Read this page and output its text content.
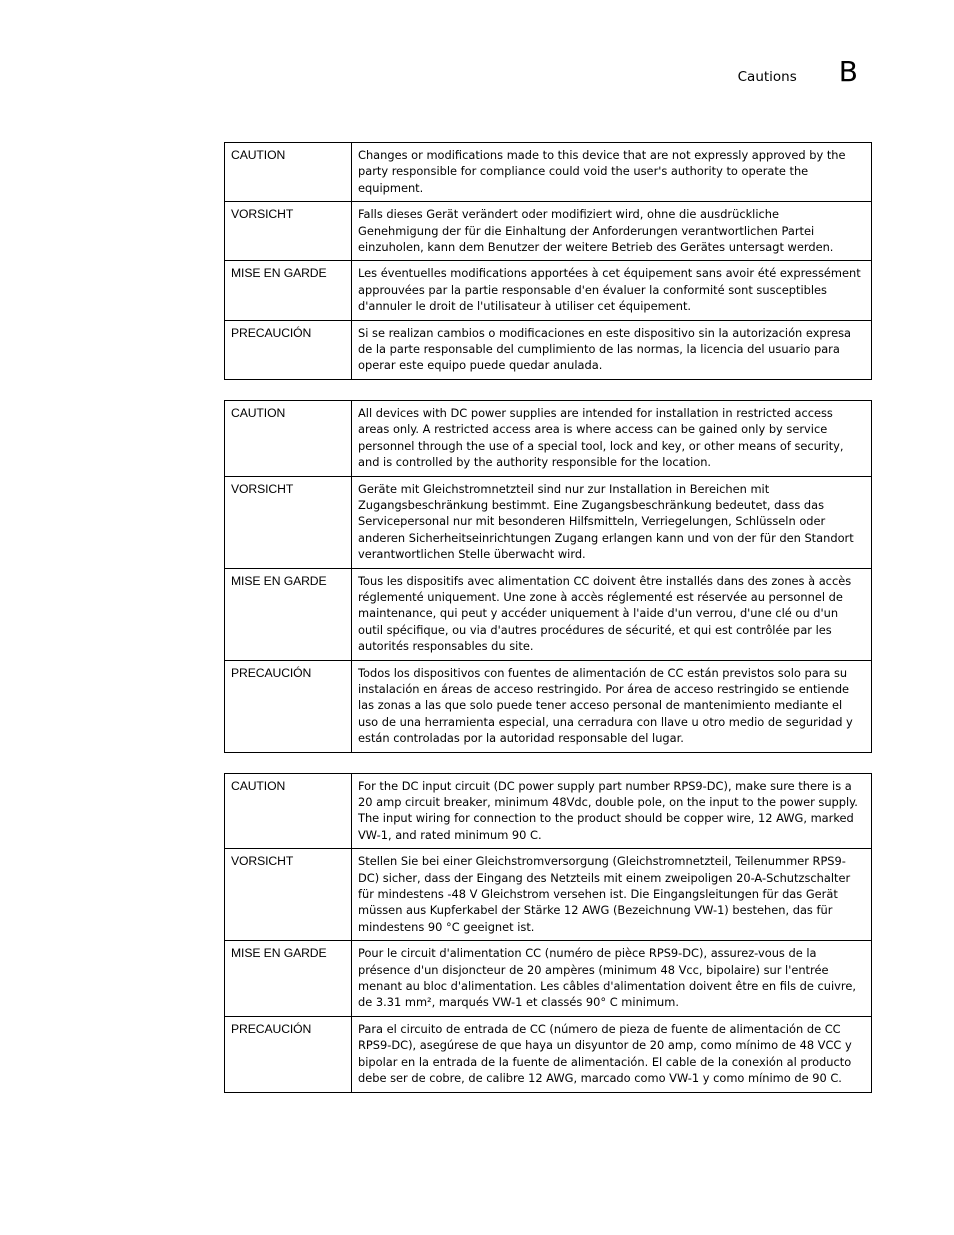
Cautions B
CAUTION	Changes or modifications made to this device that are not expressly approved by the party responsible for compliance could void the user's authority to operate the equipment.
VORSICHT	Falls dieses Gerät verändert oder modifiziert wird, ohne die ausdrückliche Genehmigung der für die Einhaltung der Anforderungen verantwortlichen Partei einzuholen, kann dem Benutzer der weitere Betrieb des Gerätes untersagt werden.
MISE EN GARDE	Les éventuelles modifications apportées à cet équipement sans avoir été expressément approuvées par la partie responsable d'en évaluer la conformité sont susceptibles d'annuler le droit de l'utilisateur à utiliser cet équipement.
PRECAUCIÓN	Si se realizan cambios o modificaciones en este dispositivo sin la autorización expresa de la parte responsable del cumplimiento de las normas, la licencia del usuario para operar este equipo puede quedar anulada.
CAUTION	All devices with DC power supplies are intended for installation in restricted access areas only. A restricted access area is where access can be gained only by service personnel through the use of a special tool, lock and key, or other means of security, and is controlled by the authority responsible for the location.
VORSICHT	Geräte mit Gleichstromnetzteil sind nur zur Installation in Bereichen mit Zugangsbeschränkung bestimmt. Eine Zugangsbeschränkung bedeutet, dass das Servicepersonal nur mit besonderen Hilfsmitteln, Verriegelungen, Schlüsseln oder anderen Sicherheitseinrichtungen Zugang erlangen kann und von der für den Standort verantwortlichen Stelle überwacht wird.
MISE EN GARDE	Tous les dispositifs avec alimentation CC doivent être installés dans des zones à accès réglementé uniquement. Une zone à accès réglementé est réservée au personnel de maintenance, qui peut y accéder uniquement à l'aide d'un verrou, d'une clé ou d'un outil spécifique, ou via d'autres procédures de sécurité, et qui est contrôlée par les autorités responsables du site.
PRECAUCIÓN	Todos los dispositivos con fuentes de alimentación de CC están previstos solo para su instalación en áreas de acceso restringido. Por área de acceso restringido se entiende las zonas a las que solo puede tener acceso personal de mantenimiento mediante el uso de una herramienta especial, una cerradura con llave u otro medio de seguridad y están controladas por la autoridad responsable del lugar.
CAUTION	For the DC input circuit (DC power supply part number RPS9-DC), make sure there is a 20 amp circuit breaker, minimum 48Vdc, double pole, on the input to the power supply. The input wiring for connection to the product should be copper wire, 12 AWG, marked VW-1, and rated minimum 90 C.
VORSICHT	Stellen Sie bei einer Gleichstromversorgung (Gleichstromnetzteil, Teilenummer RPS9-DC) sicher, dass der Eingang des Netzteils mit einem zweipoligen 20-A-Schutzschalter für mindestens -48 V Gleichstrom versehen ist. Die Eingangsleitungen für das Gerät müssen aus Kupferkabel der Stärke 12 AWG (Bezeichnung VW-1) bestehen, das für mindestens 90 °C geeignet ist.
MISE EN GARDE	Pour le circuit d'alimentation CC (numéro de pièce RPS9-DC), assurez-vous de la présence d'un disjoncteur de 20 ampères (minimum 48 Vcc, bipolaire) sur l'entrée menant au bloc d'alimentation. Les câbles d'alimentation doivent être en fils de cuivre, de 3.31 mm², marqués VW-1 et classés 90° C minimum.
PRECAUCIÓN	Para el circuito de entrada de CC (número de pieza de fuente de alimentación de CC RPS9-DC), asegúrese de que haya un disyuntor de 20 amp, como mínimo de 48 VCC y bipolar en la entrada de la fuente de alimentación. El cable de la conexión al producto debe ser de cobre, de calibre 12 AWG, marcado como VW-1 y como mínimo de 90 C.
